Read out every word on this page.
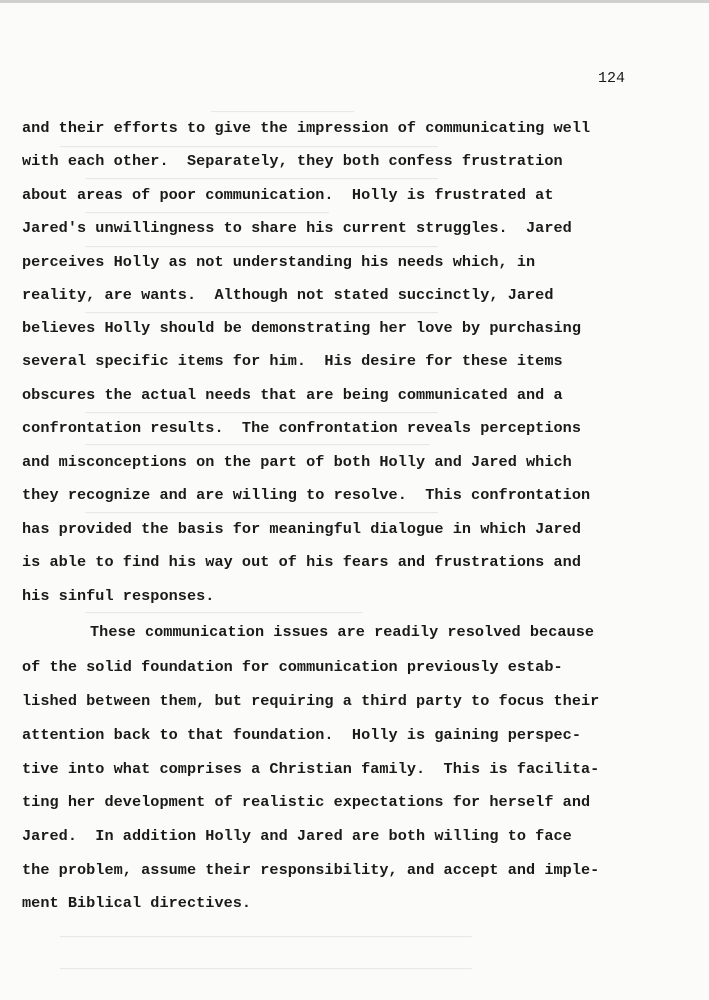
─────────────────
─────────────────────────────────────────────
──────────────────────────────────────────
─────────────────────────────
──────────────────────────────────────────
──────────────────────────────────────────
──────────────────────────────────────────
─────────────────────────────────────────
──────────────────────────────────────────
─────────────────────────────────
─────────────────────────────────────────────────
─────────────────────────────────────────────────
124
and their efforts to give the impression of communicating well
with each other.  Separately, they both confess frustration
about areas of poor communication.  Holly is frustrated at
Jared's unwillingness to share his current struggles.  Jared
perceives Holly as not understanding his needs which, in
reality, are wants.  Although not stated succinctly, Jared
believes Holly should be demonstrating her love by purchasing
several specific items for him.  His desire for these items
obscures the actual needs that are being communicated and a
confrontation results.  The confrontation reveals perceptions
and misconceptions on the part of both Holly and Jared which
they recognize and are willing to resolve.  This confrontation
has provided the basis for meaningful dialogue in which Jared
is able to find his way out of his fears and frustrations and
his sinful responses.
These communication issues are readily resolved because
of the solid foundation for communication previously estab-
lished between them, but requiring a third party to focus their
attention back to that foundation.  Holly is gaining perspec-
tive into what comprises a Christian family.  This is facilita-
ting her development of realistic expectations for herself and
Jared.  In addition Holly and Jared are both willing to face
the problem, assume their responsibility, and accept and imple-
ment Biblical directives.
